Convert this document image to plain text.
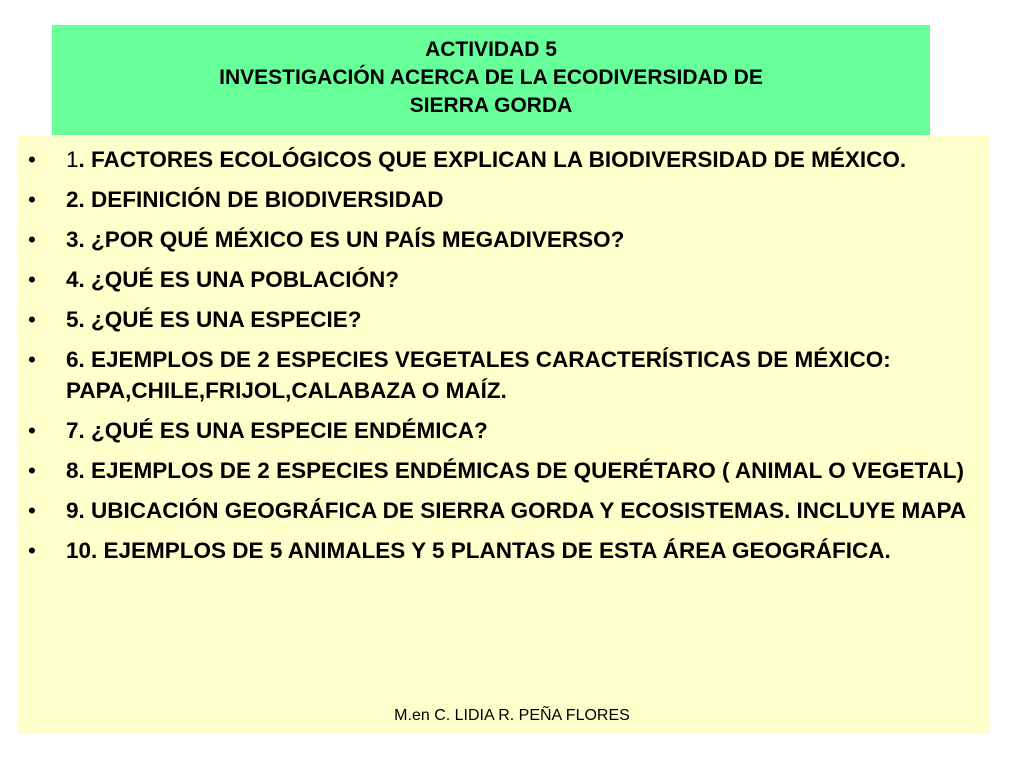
ACTIVIDAD 5
INVESTIGACIÓN ACERCA DE LA ECODIVERSIDAD DE
SIERRA GORDA
• 1. FACTORES ECOLÓGICOS QUE EXPLICAN LA BIODIVERSIDAD DE MÉXICO.
• 2. DEFINICIÓN DE BIODIVERSIDAD
• 3. ¿POR QUÉ MÉXICO ES UN PAÍS MEGADIVERSO?
• 4. ¿QUÉ ES UNA POBLACIÓN?
• 5. ¿QUÉ ES UNA ESPECIE?
• 6. EJEMPLOS DE 2 ESPECIES VEGETALES CARACTERÍSTICAS DE MÉXICO: PAPA,CHILE,FRIJOL,CALABAZA O MAÍZ.
• 7. ¿QUÉ ES UNA ESPECIE ENDÉMICA?
• 8. EJEMPLOS DE 2 ESPECIES ENDÉMICAS DE QUERÉTARO ( ANIMAL O VEGETAL)
• 9. UBICACIÓN GEOGRÁFICA DE SIERRA GORDA Y ECOSISTEMAS. INCLUYE MAPA
• 10. EJEMPLOS DE 5 ANIMALES Y 5 PLANTAS DE ESTA ÁREA GEOGRÁFICA.
M.en C. LIDIA R. PEÑA FLORES
